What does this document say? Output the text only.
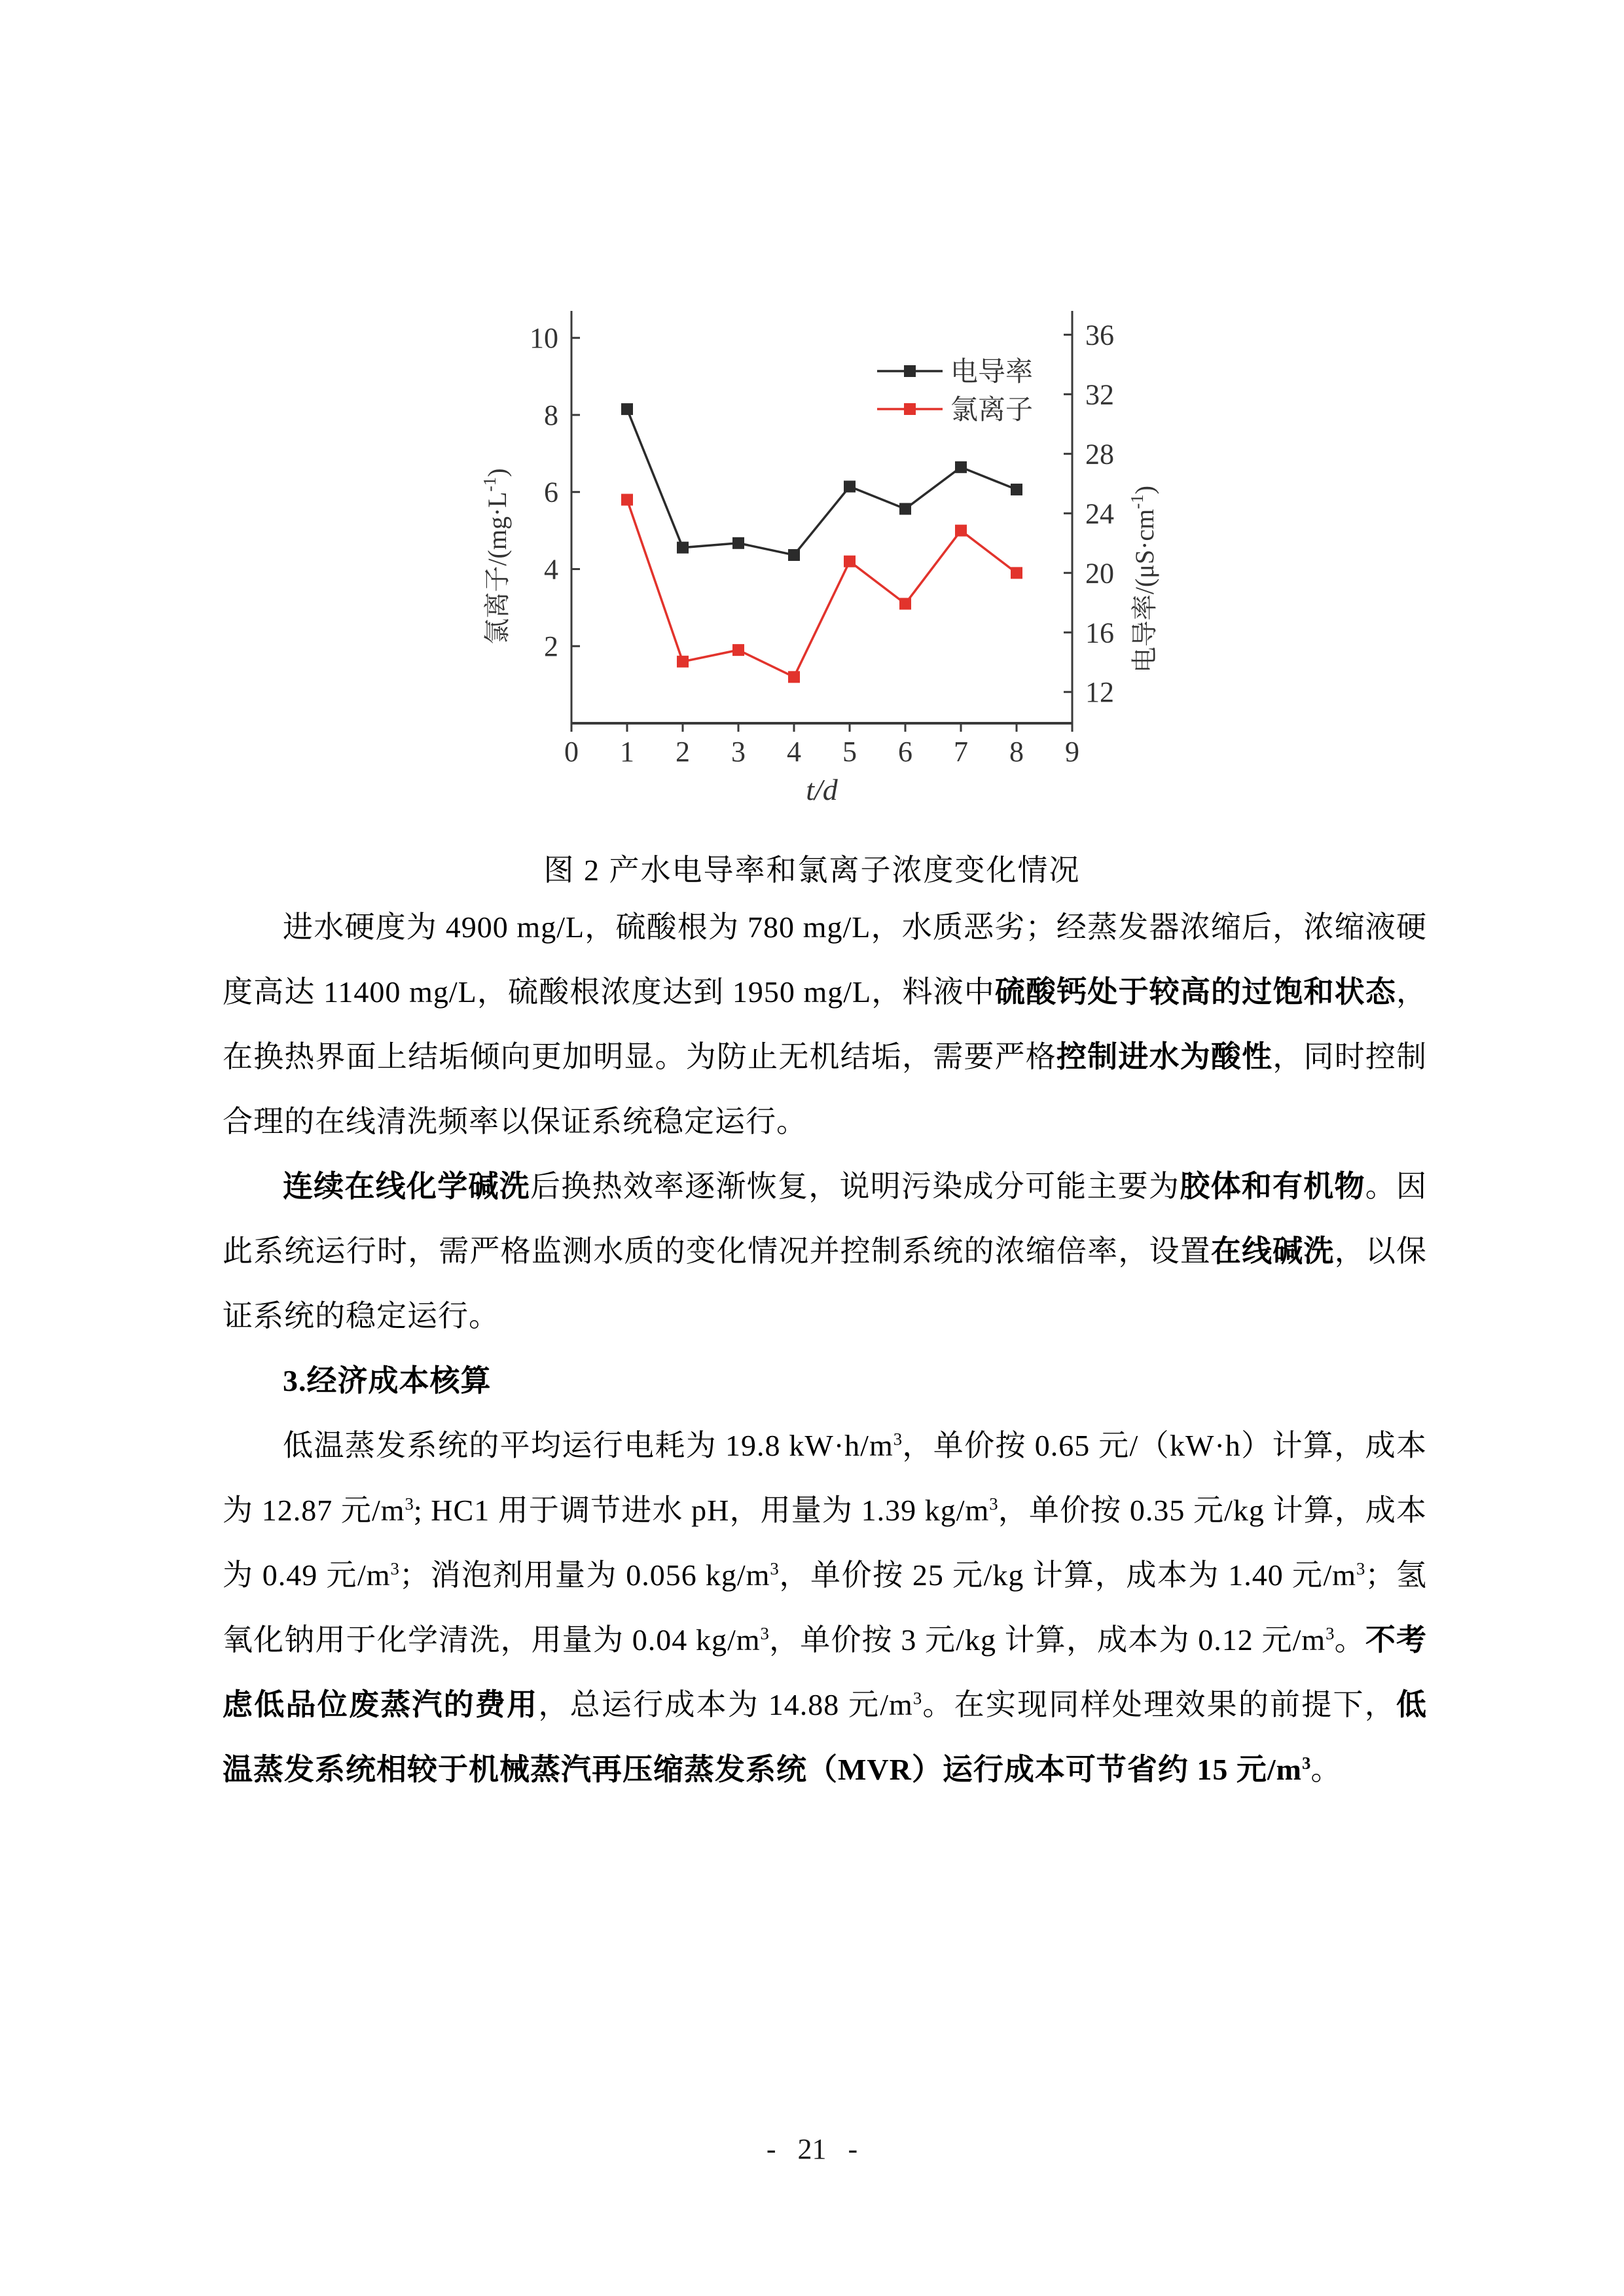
2
4
6
8
10
12
16
20
24
28
32
36
0 1 2 3 4 5 6 7 8 9
氯离子$/(mg\cdot L^{-1})$
电导率$/(\mu S\cdot cm^{-1})$
t/d
电导率
氯离子
图 2 产水电导率和氯离子浓度变化情况

进水硬度为 4900 mg/L，硫酸根为 780 mg/L，水质恶劣；经蒸发器浓缩后，浓缩液硬度高达 11400 mg/L，硫酸根浓度达到 1950 mg/L，料液中硫酸钙处于较高的过饱和状态，在换热界面上结垢倾向更加明显。为防止无机结垢，需要严格控制进水为酸性，同时控制合理的在线清洗频率以保证系统稳定运行。

连续在线化学碱洗后换热效率逐渐恢复，说明污染成分可能主要为胶体和有机物。因此系统运行时，需严格监测水质的变化情况并控制系统的浓缩倍率，设置在线碱洗，以保证系统的稳定运行。

3.经济成本核算

低温蒸发系统的平均运行电耗为 19.8 $kW\cdot h/m^3$，单价按 0.65 元/（kW·h）计算，成本为 12.87 元$/m^3$; HC1 用于调节进水 pH，用量为 1.39 $kg/m^3$，单价按 0.35 元/kg 计算，成本为 0.49 元$/m^3$；消泡剂用量为 0.056 $kg/m^3$，单价按 25 元/kg 计算，成本为 1.40 元$/m^3$；氢氧化钠用于化学清洗，用量为 0.04 $kg/m^3$，单价按 3 元/kg 计算，成本为 0.12 元$/m^3$。不考虑低品位废蒸汽的费用，总运行成本为 14.88 元$/m^3$。在实现同样处理效果的前提下，低温蒸发系统相较于机械蒸汽再压缩蒸发系统（MVR）运行成本可节省约 15 元$/m^3$。

- 21 -
